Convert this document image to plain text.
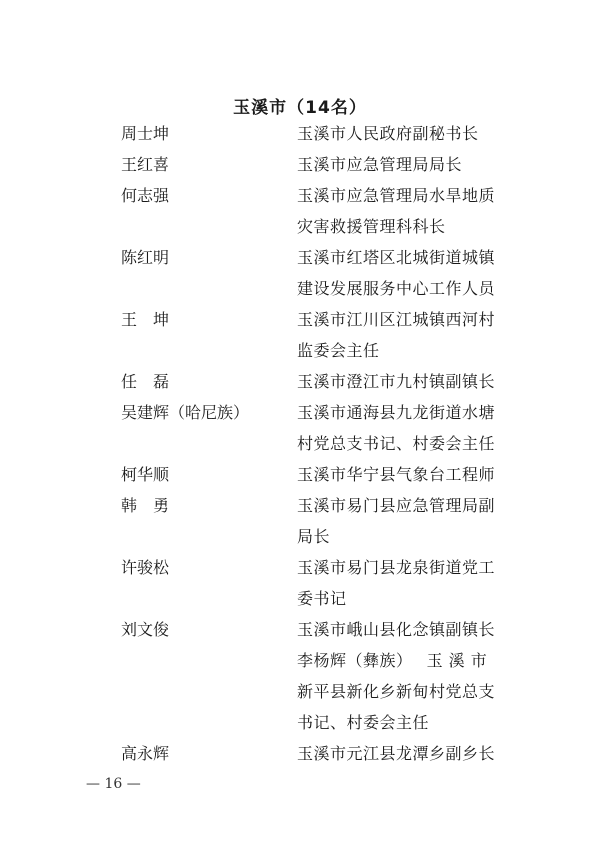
玉溪市（14名）
周士坤	玉溪市人民政府副秘书长
王红喜	玉溪市应急管理局局长
何志强	玉溪市应急管理局水旱地质
灾害救援管理科科长
陈红明	玉溪市红塔区北城街道城镇
建设发展服务中心工作人员
王　坤	玉溪市江川区江城镇西河村
监委会主任
任　磊	玉溪市澄江市九村镇副镇长
吴建辉（哈尼族）	玉溪市通海县九龙街道水塘
村党总支书记、村委会主任
柯华顺	玉溪市华宁县气象台工程师
韩　勇	玉溪市易门县应急管理局副
局长
许骏松	玉溪市易门县龙泉街道党工
委书记
刘文俊	玉溪市峨山县化念镇副镇长
李杨辉（彝族）　 玉 溪 市
新平县新化乡新甸村党总支
书记、村委会主任
高永辉	玉溪市元江县龙潭乡副乡长
— 16 —
